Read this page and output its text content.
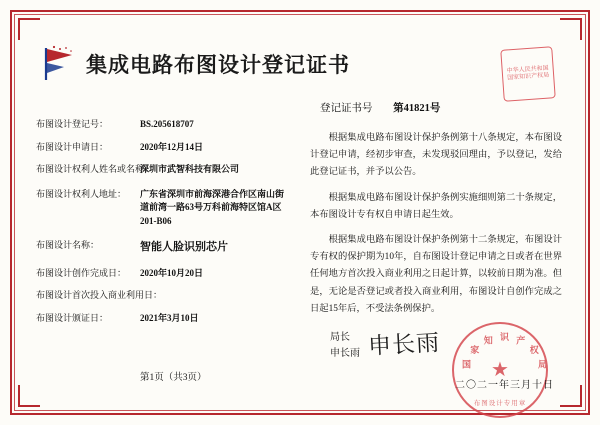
集成电路布图设计登记证书	中华人民共和国 国家知识产权局
登记证书号 第41821号
布图设计登记号：	BS.205618707
布图设计申请日：	2020年12月14日
布图设计权利人姓名或名称：
深圳市武智科技有限公司
布图设计权利人地址：	广东省深圳市前海深港合作区南山街道前湾一路63号万科前海特区馆A区201-B06
布图设计名称：	智能人脸识别芯片
布图设计创作完成日：	2020年10月20日
布图设计首次投入商业利用日：
布图设计颁证日：	2021年3月10日

根据集成电路布图设计保护条例第十八条规定，本布图设计登记申请，经初步审查，未发现驳回理由，予以登记，发给此登记证书，并予以公告。

根据集成电路布图设计保护条例实施细则第二十条规定，本布图设计专有权自申请日起生效。

根据集成电路布图设计保护条例第十二条规定，布图设计专有权的保护期为10年，自布图设计登记申请之日或者在世界任何地方首次投入商业利用之日起计算，以较前日期为准。但是，无论是否登记或者投入商业利用，布图设计自创作完成之日起15年后，不受法条例保护。

局长
申长雨 申长雨
★
国
家
知 识 产
权
局
布图设计专用章
二〇二一年三月十日
第1页（共3页）
